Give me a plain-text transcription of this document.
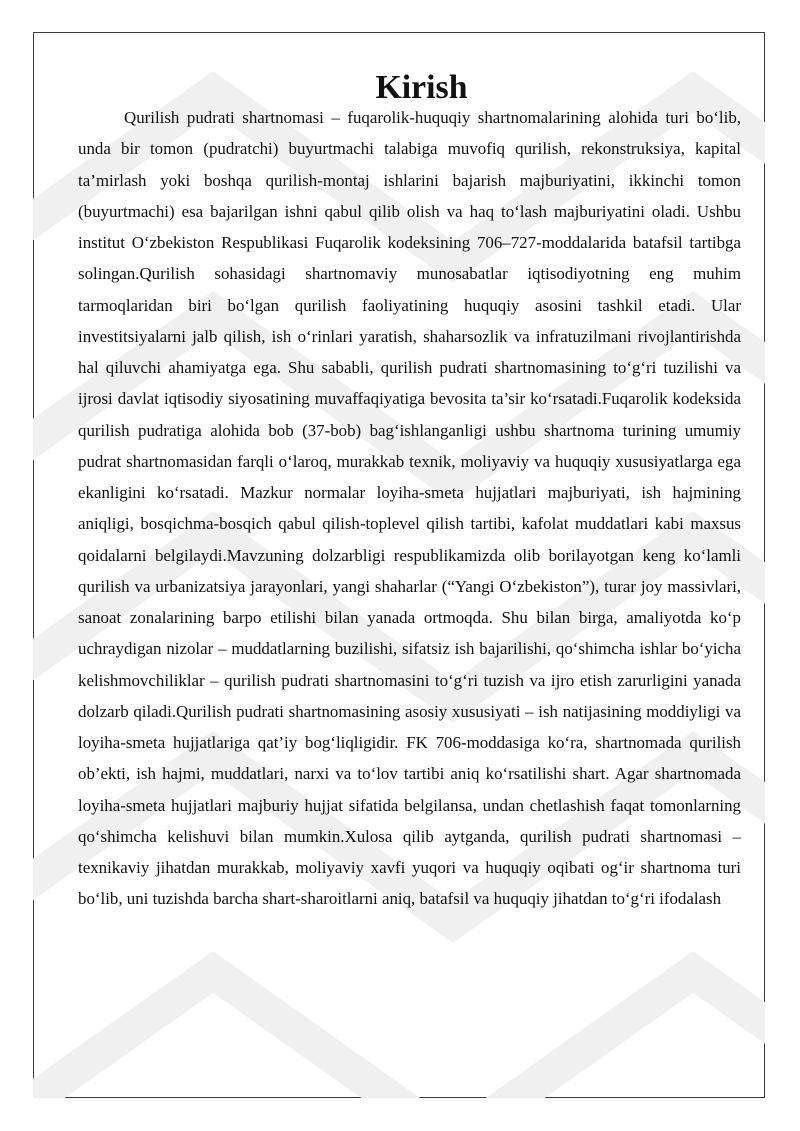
Kirish

Qurilish pudrati shartnomasi – fuqarolik-huquqiy shartnomalarining alohida turi bo‘lib, unda bir tomon (pudratchi) buyurtmachi talabiga muvofiq qurilish, rekonstruksiya, kapital ta’mirlash yoki boshqa qurilish-montaj ishlarini bajarish majburiyatini, ikkinchi tomon (buyurtmachi) esa bajarilgan ishni qabul qilib olish va haq to‘lash majburiyatini oladi. Ushbu institut O‘zbekiston Respublikasi Fuqarolik kodeksining 706–727-moddalarida batafsil tartibga solingan.Qurilish sohasidagi shartnomaviy munosabatlar iqtisodiyotning eng muhim tarmoqlaridan biri bo‘lgan qurilish faoliyatining huquqiy asosini tashkil etadi. Ular investitsiyalarni jalb qilish, ish o‘rinlari yaratish, shaharsozlik va infratuzilmani rivojlantirishda hal qiluvchi ahamiyatga ega. Shu sababli, qurilish pudrati shartnomasining to‘g‘ri tuzilishi va ijrosi davlat iqtisodiy siyosatining muvaffaqiyatiga bevosita ta’sir ko‘rsatadi.Fuqarolik kodeksida qurilish pudratiga alohida bob (37-bob) bag‘ishlanganligi ushbu shartnoma turining umumiy pudrat shartnomasidan farqli o‘laroq, murakkab texnik, moliyaviy va huquqiy xususiyatlarga ega ekanligini ko‘rsatadi. Mazkur normalar loyiha-smeta hujjatlari majburiyati, ish hajmining aniqligi, bosqichma-bosqich qabul qilish-toplevel qilish tartibi, kafolat muddatlari kabi maxsus qoidalarni belgilaydi.Mavzuning dolzarbligi respublikamizda olib borilayotgan keng ko‘lamli qurilish va urbanizatsiya jarayonlari, yangi shaharlar (“Yangi O‘zbekiston”), turar joy massivlari, sanoat zonalarining barpo etilishi bilan yanada ortmoqda. Shu bilan birga, amaliyotda ko‘p uchraydigan nizolar – muddatlarning buzilishi, sifatsiz ish bajarilishi, qo‘shimcha ishlar bo‘yicha kelishmovchiliklar – qurilish pudrati shartnomasini to‘g‘ri tuzish va ijro etish zarurligini yanada dolzarb qiladi.Qurilish pudrati shartnomasining asosiy xususiyati – ish natijasining moddiyligi va loyiha-smeta hujjatlariga qat’iy bog‘liqligidir. FK 706-moddasiga ko‘ra, shartnomada qurilish ob’ekti, ish hajmi, muddatlari, narxi va to‘lov tartibi aniq ko‘rsatilishi shart. Agar shartnomada loyiha-smeta hujjatlari majburiy hujjat sifatida belgilansa, undan chetlashish faqat tomonlarning qo‘shimcha kelishuvi bilan mumkin.Xulosa qilib aytganda, qurilish pudrati shartnomasi – texnikaviy jihatdan murakkab, moliyaviy xavfi yuqori va huquqiy oqibati og‘ir shartnoma turi bo‘lib, uni tuzishda barcha shart-sharoitlarni aniq, batafsil va huquqiy jihatdan to‘g‘ri ifodalash
